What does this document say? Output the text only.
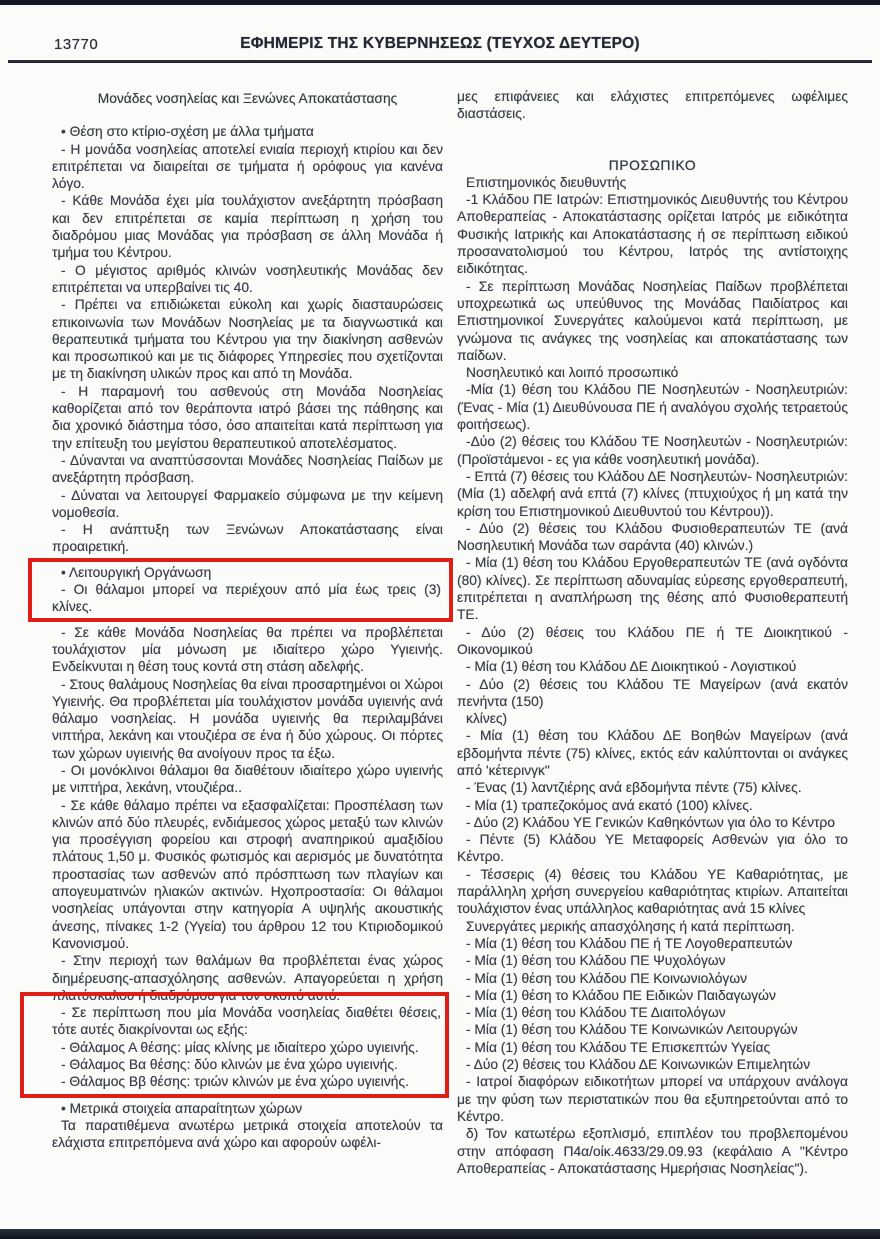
13770	ΕΦΗΜΕΡΙΣ ΤΗΣ ΚΥΒΕΡΝΗΣΕΩΣ (ΤΕΥΧΟΣ ΔΕΥΤΕΡΟ)
Μονάδες νοσηλείας και Ξενώνες Αποκατάστασης

• Θέση στο κτίριο-σχέση με άλλα τμήματα

- Η μονάδα νοσηλείας αποτελεί ενιαία περιοχή κτιρίου και δεν επιτρέπεται να διαιρείται σε τμήματα ή ορόφους για κανένα λόγο.

- Κάθε Μονάδα έχει μία τουλάχιστον ανεξάρτητη πρόσβαση και δεν επιτρέπεται σε καμία περίπτωση η χρήση του διαδρόμου μιας Μονάδας για πρόσβαση σε άλλη Μονάδα ή τμήμα του Κέντρου.

- Ο μέγιστος αριθμός κλινών νοσηλευτικής Μονάδας δεν επιτρέπεται να υπερβαίνει τις 40.

- Πρέπει να επιδιώκεται εύκολη και χωρίς διασταυρώσεις επικοινωνία των Μονάδων Νοσηλείας με τα διαγνωστικά και θεραπευτικά τμήματα του Κέντρου για την διακίνηση ασθενών και προσωπικού και με τις διάφορες Υπηρεσίες που σχετίζονται με τη διακίνηση υλικών προς και από τη Μονάδα.

- Η παραμονή του ασθενούς στη Μονάδα Νοσηλείας καθορίζεται από τον θεράποντα ιατρό βάσει της πάθησης και δια χρονικό διάστημα τόσο, όσο απαιτείται κατά περίπτωση για την επίτευξη του μεγίστου θεραπευτικού αποτελέσματος.

- Δύνανται να αναπτύσσονται Μονάδες Νοσηλείας Παίδων με ανεξάρτητη πρόσβαση.

- Δύναται να λειτουργεί Φαρμακείο σύμφωνα με την κείμενη νομοθεσία.

- Η ανάπτυξη των Ξενώνων Αποκατάστασης είναι προαιρετική.

• Λειτουργική Οργάνωση

- Οι θάλαμοι μπορεί να περιέχουν από μία έως τρεις (3) κλίνες.

- Σε κάθε Μονάδα Νοσηλείας θα πρέπει να προβλέπεται τουλάχιστον μία μόνωση με ιδιαίτερο χώρο Υγιεινής. Ενδείκνυται η θέση τους κοντά στη στάση αδελφής.

- Στους θαλάμους Νοσηλείας θα είναι προσαρτημένοι οι Χώροι Υγιεινής. Θα προβλέπεται μία τουλάχιστον μονάδα υγιεινής ανά θάλαμο νοσηλείας. Η μονάδα υγιεινής θα περιλαμβάνει νιπτήρα, λεκάνη και ντουζιέρα σε ένα ή δύο χώρους. Οι πόρτες των χώρων υγιεινής θα ανοίγουν προς τα έξω.

- Οι μονόκλινοι θάλαμοι θα διαθέτουν ιδιαίτερο χώρο υγιεινής με νιπτήρα, λεκάνη, ντουζιέρα..

- Σε κάθε θάλαμο πρέπει να εξασφαλίζεται: Προσπέλαση των κλινών από δύο πλευρές, ενδιάμεσος χώρος μεταξύ των κλινών για προσέγγιση φορείου και στροφή αναπηρικού αμαξιδίου πλάτους 1,50 μ. Φυσικός φωτισμός και αερισμός με δυνατότητα προστασίας των ασθενών από πρόσπτωση των πλαγίων και απογευματινών ηλιακών ακτινών. Ηχοπροστασία: Οι θάλαμοι νοσηλείας υπάγονται στην κατηγορία Α υψηλής ακουστικής άνεσης, πίνακες 1-2 (Υγεία) του άρθρου 12 του Κτιριοδομικού Κανονισμού.

- Στην περιοχή των θαλάμων θα προβλέπεται ένας χώρος διημέρευσης-απασχόλησης ασθενών. Απαγορεύεται η χρήση πλατύσκαλου ή διαδρόμου για τον σκοπό αυτό.

- Σε περίπτωση που μία Μονάδα νοσηλείας διαθέτει θέσεις, τότε αυτές διακρίνονται ως εξής:

- Θάλαμος Α θέσης: μίας κλίνης με ιδιαίτερο χώρο υγιεινής.

- Θάλαμος Βα θέσης: δύο κλινών με ένα χώρο υγιεινής.

- Θάλαμος Ββ θέσης: τριών κλινών με ένα χώρο υγιεινής.

• Μετρικά στοιχεία απαραίτητων χώρων

Τα παρατιθέμενα ανωτέρω μετρικά στοιχεία αποτελούν τα ελάχιστα επιτρεπόμενα ανά χώρο και αφορούν ωφέλι-

μες επιφάνειες και ελάχιστες επιτρεπόμενες ωφέλιμες διαστάσεις.

ΠΡΟΣΩΠΙΚΟ

Επιστημονικός διευθυντής

-1 Κλάδου ΠΕ Ιατρών: Επιστημονικός Διευθυντής του Κέντρου Αποθεραπείας - Αποκατάστασης ορίζεται Ιατρός με ειδικότητα Φυσικής Ιατρικής και Αποκατάστασης ή σε περίπτωση ειδικού προσανατολισμού του Κέντρου, Ιατρός της αντίστοιχης ειδικότητας.

- Σε περίπτωση Μονάδας Νοσηλείας Παίδων προβλέπεται υποχρεωτικά ως υπεύθυνος της Μονάδας Παιδίατρος και Επιστημονικοί Συνεργάτες καλούμενοι κατά περίπτωση, με γνώμονα τις ανάγκες της νοσηλείας και αποκατάστασης των παίδων.

Νοσηλευτικό και λοιπό προσωπικό

-Μία (1) θέση του Κλάδου ΠΕ Νοσηλευτών - Νοσηλευτριών: (Ένας - Μία (1) Διευθύνουσα ΠΕ ή αναλόγου σχολής τετραετούς φοιτήσεως).

-Δύο (2) θέσεις του Κλάδου ΤΕ Νοσηλευτών - Νοσηλευτριών: (Προϊστάμενοι - ες για κάθε νοσηλευτική μονάδα).

- Επτά (7) θέσεις του Κλάδου ΔΕ Νοσηλευτών- Νοσηλευτριών: (Μία (1) αδελφή ανά επτά (7) κλίνες (πτυχιούχος ή μη κατά την κρίση του Επιστημονικού Διευθυντού του Κέντρου)).

- Δύο (2) θέσεις του Κλάδου Φυσιοθεραπευτών ΤΕ (ανά Νοσηλευτική Μονάδα των σαράντα (40) κλινών.)

- Μία (1) θέση του Κλάδου Εργοθεραπευτών ΤΕ (ανά ογδόντα (80) κλίνες). Σε περίπτωση αδυναμίας εύρεσης εργοθεραπευτή, επιτρέπεται η αναπλήρωση της θέσης από Φυσιοθεραπευτή ΤΕ.

- Δύο (2) θέσεις του Κλάδου ΠΕ ή ΤΕ Διοικητικού - Οικονομικού

- Μία (1) θέση του Κλάδου ΔΕ Διοικητικού - Λογιστικού

- Δύο (2) θέσεις του Κλάδου ΤΕ Μαγείρων (ανά εκατόν πενήντα (150)

κλίνες)

- Μία (1) θέση του Κλάδου ΔΕ Βοηθών Μαγείρων (ανά εβδομήντα πέντε (75) κλίνες, εκτός εάν καλύπτονται οι ανάγκες από 'κέτερινγκ"

- Ένας (1) λαντζιέρης ανά εβδομήντα πέντε (75) κλίνες.

- Μία (1) τραπεζοκόμος ανά εκατό (100) κλίνες.

- Δύο (2) Κλάδου ΥΕ Γενικών Καθηκόντων για όλο το Κέντρο

- Πέντε (5) Κλάδου ΥΕ Μεταφορείς Ασθενών για όλο το Κέντρο.

- Τέσσερις (4) θέσεις του Κλάδου ΥΕ Καθαριότητας, με παράλληλη χρήση συνεργείου καθαριότητας κτιρίων. Απαιτείται τουλάχιστον ένας υπάλληλος καθαριότητας ανά 15 κλίνες

Συνεργάτες μερικής απασχόλησης ή κατά περίπτωση.

- Μία (1) θέση του Κλάδου ΠΕ ή ΤΕ Λογοθεραπευτών

- Μία (1) θέση του Κλάδου ΠΕ Ψυχολόγων

- Μία (1) θέση του Κλάδου ΠΕ Κοινωνιολόγων

- Μία (1) θέση το Κλάδου ΠΕ Ειδικών Παιδαγωγών

- Μία (1) θέση του Κλάδου ΤΕ Διαιτολόγων

- Μία (1) θέση του Κλάδου ΤΕ Κοινωνικών Λειτουργών

- Μία (1) θέση του Κλάδου ΤΕ Επισκεπτών Υγείας

- Δύο (2) θέσεις του Κλάδου ΔΕ Κοινωνικών Επιμελητών

- Ιατροί διαφόρων ειδικοτήτων μπορεί να υπάρχουν ανάλογα με την φύση των περιστατικών που θα εξυπηρετούνται από το Κέντρο.

δ) Τον κατωτέρω εξοπλισμό, επιπλέον του προβλεπομένου στην απόφαση Π4α/οίκ.4633/29.09.93 (κεφάλαιο Α "Κέντρο Αποθεραπείας - Αποκατάστασης Ημερήσιας Νοσηλείας").
